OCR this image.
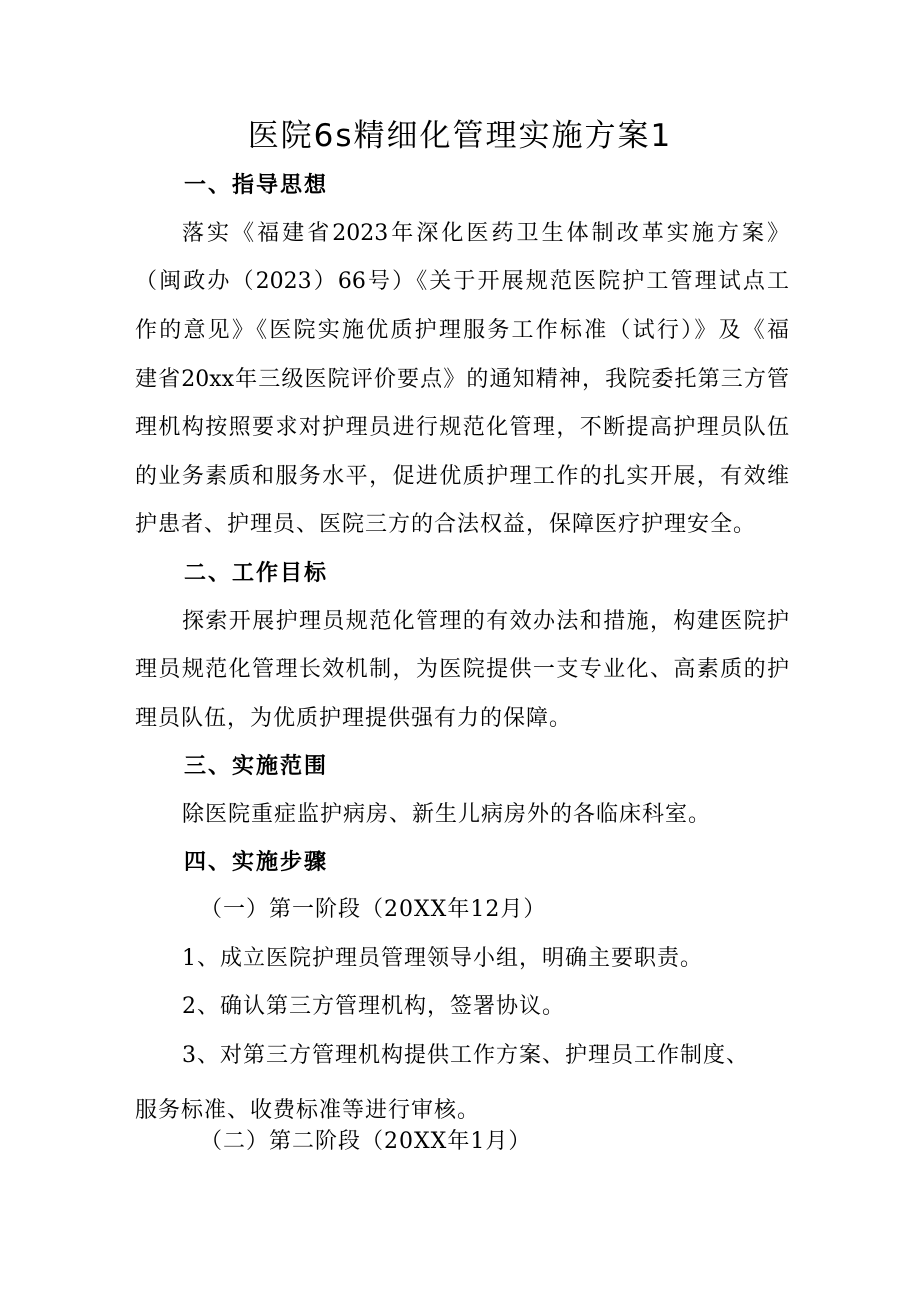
医院6s精细化管理实施方案1
一、指导思想
落实《福建省2023年深化医药卫生体制改革实施方案》
（闽政办（2023）66号）《关于开展规范医院护工管理试点工
作的意见》《医院实施优质护理服务工作标准（试行）》及《福
建省20xx年三级医院评价要点》的通知精神，我院委托第三方管
理机构按照要求对护理员进行规范化管理，不断提高护理员队伍
的业务素质和服务水平，促进优质护理工作的扎实开展，有效维
护患者、护理员、医院三方的合法权益，保障医疗护理安全。
二、工作目标
探索开展护理员规范化管理的有效办法和措施，构建医院护
理员规范化管理长效机制，为医院提供一支专业化、高素质的护
理员队伍，为优质护理提供强有力的保障。
三、实施范围
除医院重症监护病房、新生儿病房外的各临床科室。
四、实施步骤
（一）第一阶段（20XX年12月）
1、成立医院护理员管理领导小组，明确主要职责。
2、确认第三方管理机构，签署协议。
3、对第三方管理机构提供工作方案、护理员工作制度、
服务标准、收费标准等进行审核。
（二）第二阶段（20XX年1月）
